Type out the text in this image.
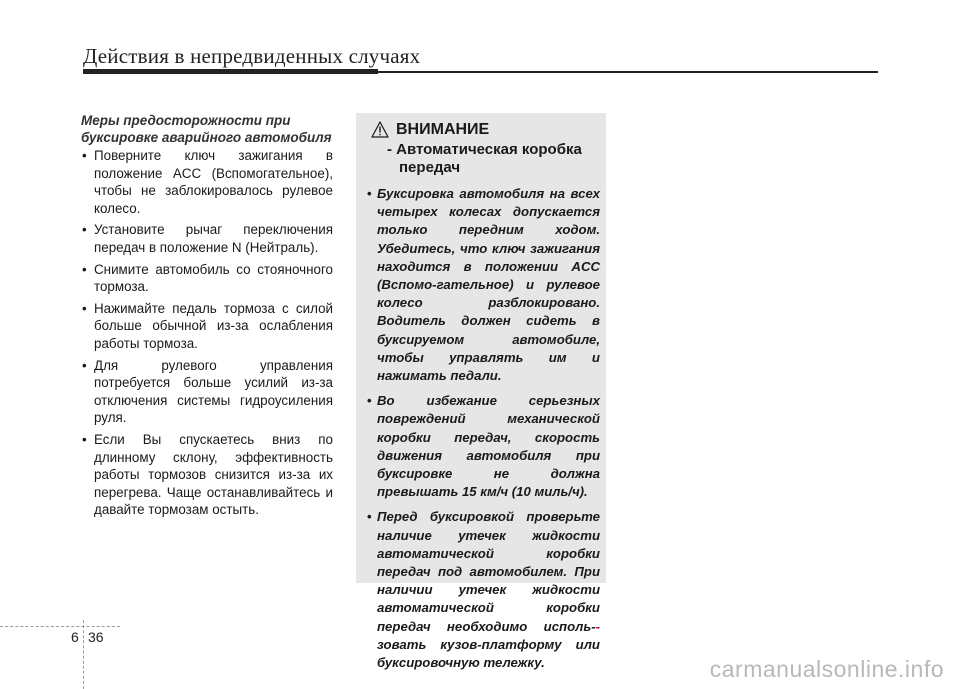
Действия в непредвиденных случаях
Меры предосторожности при буксировке аварийного автомобиля
• Поверните ключ зажигания в положение ACC (Вспомогательное), чтобы не заблокировалось рулевое колесо.
• Установите рычаг переключения передач в положение N (Нейтраль).
• Снимите автомобиль со стояночного тормоза.
• Нажимайте педаль тормоза с силой больше обычной из-за ослабления работы тормоза.
• Для рулевого управления потребуется больше усилий из-за отключения системы гидроусиления руля.
• Если Вы спускаетесь вниз по длинному склону, эффективность работы тормозов снизится из-за их перегрева. Чаще останавливайтесь и давайте тормозам остыть.
ВНИМАНИЕ
- Автоматическая коробка передач
• Буксировка автомобиля на всех четырех колесах допускается только передним ходом. Убедитесь, что ключ зажигания находится в положении ACC (Вспомо-гательное) и рулевое колесо разблокировано. Водитель должен сидеть в буксируемом автомобиле, чтобы управлять им и нажимать педали.
• Во избежание серьезных повреждений механической коробки передач, скорость движения автомобиля при буксировке не должна превышать 15 км/ч (10 миль/ч).
• Перед буксировкой проверьте наличие утечек жидкости автоматической коробки передач под автомобилем. При наличии утечек жидкости автоматической коробки передач необходимо исполь-- зовать кузов-платформу или буксировочную тележку.
6 36
carmanualsonline.info
